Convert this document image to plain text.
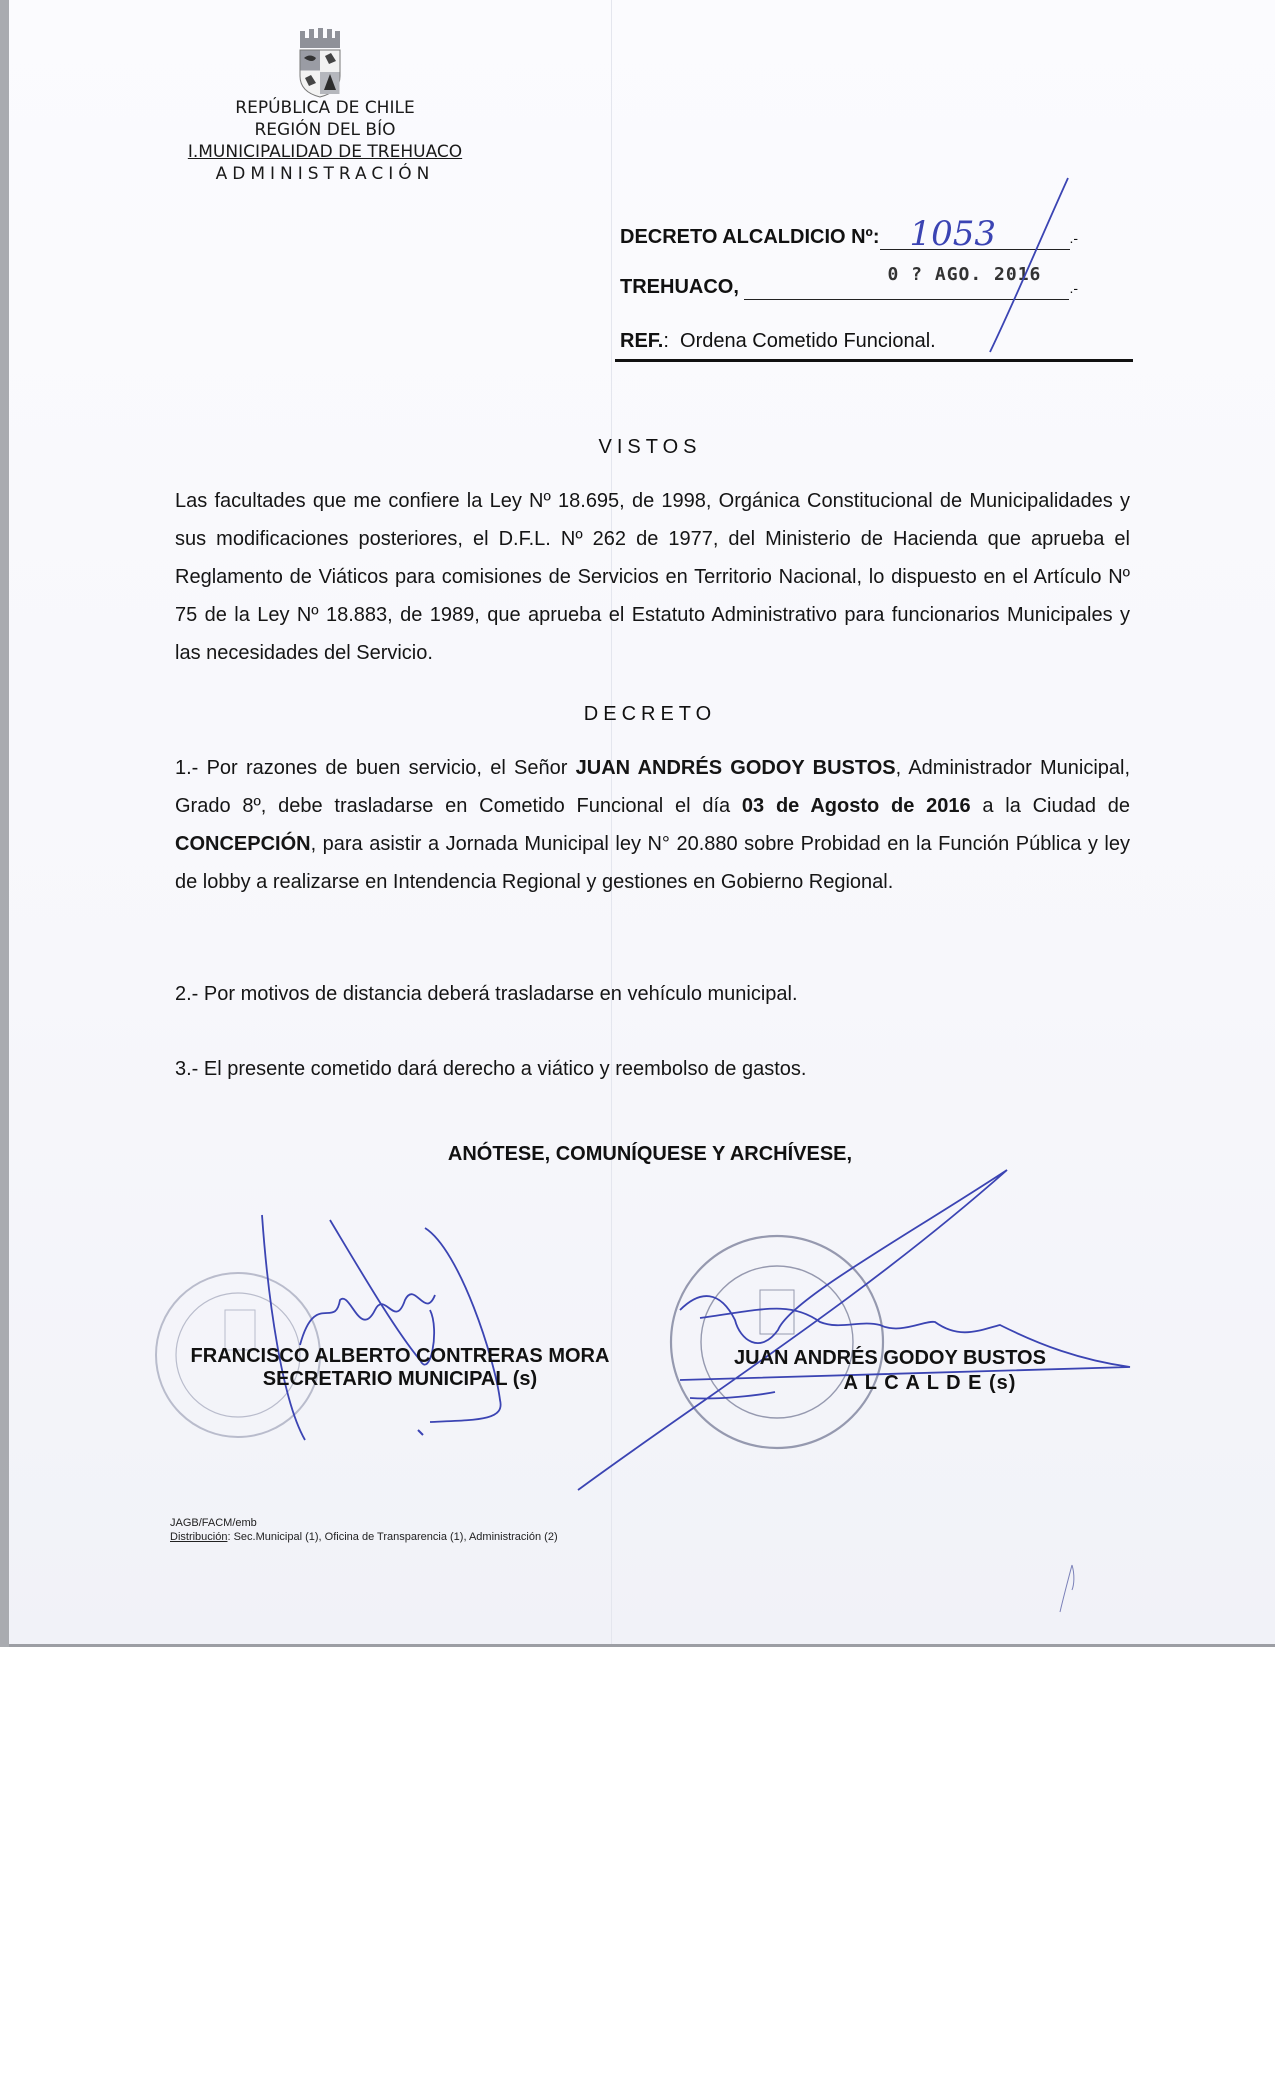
REPÚBLICA DE CHILE
REGIÓN DEL BÍO
I.MUNICIPALIDAD DE TREHUACO
ADMINISTRACIÓN
DECRETO ALCALDICIO Nº: 1053	.-
TREHUACO,
0 ? AGO. 2016
.-
REF.: Ordena Cometido Funcional.
VISTOS
Las facultades que me confiere la Ley Nº 18.695, de 1998, Orgánica Constitucional de Municipalidades y sus modificaciones posteriores, el D.F.L. Nº 262 de 1977, del Ministerio de Hacienda que aprueba el Reglamento de Viáticos para comisiones de Servicios en Territorio Nacional, lo dispuesto en el Artículo Nº 75 de la Ley Nº 18.883, de 1989, que aprueba el Estatuto Administrativo para funcionarios Municipales y las necesidades del Servicio.
DECRETO
1.- Por razones de buen servicio, el Señor JUAN ANDRÉS GODOY BUSTOS, Administrador Municipal, Grado 8º, debe trasladarse en Cometido Funcional el día 03 de Agosto de 2016 a la Ciudad de CONCEPCIÓN, para asistir a Jornada Municipal ley N° 20.880 sobre Probidad en la Función Pública y ley de lobby a realizarse en Intendencia Regional y gestiones en Gobierno Regional.
2.- Por motivos de distancia deberá trasladarse en vehículo municipal.
3.- El presente cometido dará derecho a viático y reembolso de gastos.
ANÓTESE, COMUNÍQUESE Y ARCHÍVESE,
FRANCISCO ALBERTO CONTRERAS MORA
SECRETARIO MUNICIPAL (s)
JUAN ANDRÉS GODOY BUSTOS
A L C A L D E (s)
JAGB/FACM/emb
Distribución: Sec.Municipal (1), Oficina de Transparencia (1), Administración (2)
